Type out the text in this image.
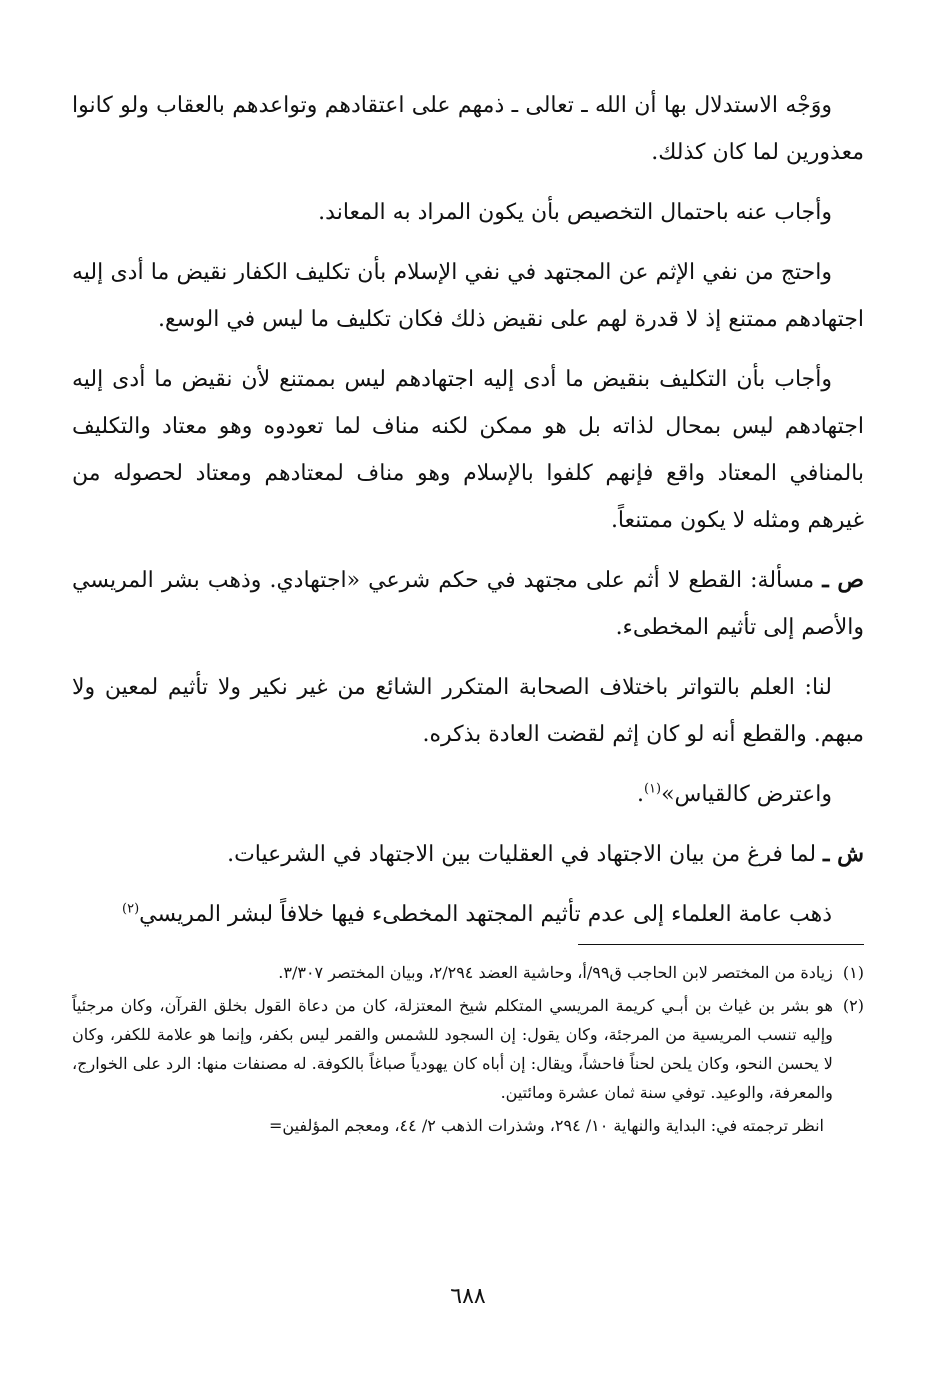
ووَجْه الاستدلال بها أن الله ـ تعالى ـ ذمهم على اعتقادهم وتواعدهم بالعقاب ولو كانوا معذورين لما كان كذلك.

وأجاب عنه باحتمال التخصيص بأن يكون المراد به المعاند.

واحتج من نفي الإثم عن المجتهد في نفي الإسلام بأن تكليف الكفار نقيض ما أدى إليه اجتهادهم ممتنع إذ لا قدرة لهم على نقيض ذلك فكان تكليف ما ليس في الوسع.

وأجاب بأن التكليف بنقيض ما أدى إليه اجتهادهم ليس بممتنع لأن نقيض ما أدى إليه اجتهادهم ليس بمحال لذاته بل هو ممكن لكنه مناف لما تعودوه وهو معتاد والتكليف بالمنافي المعتاد واقع فإنهم كلفوا بالإسلام وهو مناف لمعتادهم ومعتاد لحصوله من غيرهم ومثله لا يكون ممتنعاً.

ص ـ مسألة: القطع لا أثم على مجتهد في حكم شرعي «اجتهادي. وذهب بشر المريسي والأصم إلى تأثيم المخطىء.

لنا: العلم بالتواتر باختلاف الصحابة المتكرر الشائع من غير نكير ولا تأثيم لمعين ولا مبهم. والقطع أنه لو كان إثم لقضت العادة بذكره.

واعترض كالقياس»$^{(١)}$.

ش ـ لما فرغ من بيان الاجتهاد في العقليات بين الاجتهاد في الشرعيات.

ذهب عامة العلماء إلى عدم تأثيم المجتهد المخطىء فيها خلافاً لبشر المريسي$^{(٢)}$

(١)
زيادة من المختصر لابن الحاجب ق٩٩/أ، وحاشية العضد ٢/٢٩٤، وبيان المختصر ٣/٣٠٧.
(٢)
هو بشر بن غياث بن أبـي كريمة المريسي المتكلم شيخ المعتزلة، كان من دعاة القول بخلق القرآن، وكان مرجئياً وإليه تنسب المريسية من المرجئة، وكان يقول: إن السجود للشمس والقمر ليس بكفر، وإنما هو علامة للكفر، وكان لا يحسن النحو، وكان يلحن لحناً فاحشاً، ويقال: إن أباه كان يهودياً صباغاً بالكوفة. له مصنفات منها: الرد على الخوارج، والمعرفة، والوعيد. توفي سنة ثمان عشرة ومائتين.
انظر ترجمته في: البداية والنهاية ١٠/ ٢٩٤، وشذرات الذهب ٢/ ٤٤، ومعجم المؤلفين=
٦٨٨
